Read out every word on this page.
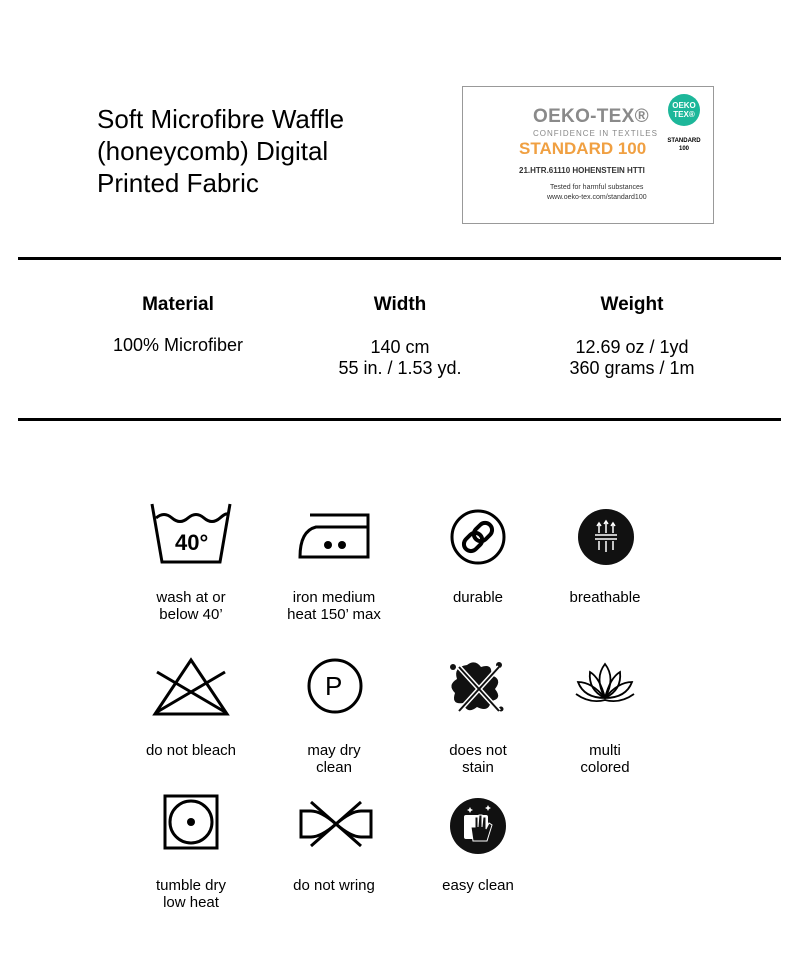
Soft Microfibre Waffle
(honeycomb) Digital
Printed Fabric
OEKO-TEX®
CONFIDENCE IN TEXTILES
STANDARD 100
21.HTR.61110 HOHENSTEIN HTTI
Tested for harmful substances
www.oeko-tex.com/standard100
OEKO
TEX®
STANDARD
100
Material
100% Microfiber
Width
140 cm
55 in. / 1.53 yd.
Weight
12.69 oz / 1yd
360 grams / 1m
40°
wash at or
below 40’
iron medium
heat 150’ max
durable	breathable
do not bleach
P
may dry
clean
does not
stain
multi
colored
tumble dry
low heat
do not wring	easy clean
